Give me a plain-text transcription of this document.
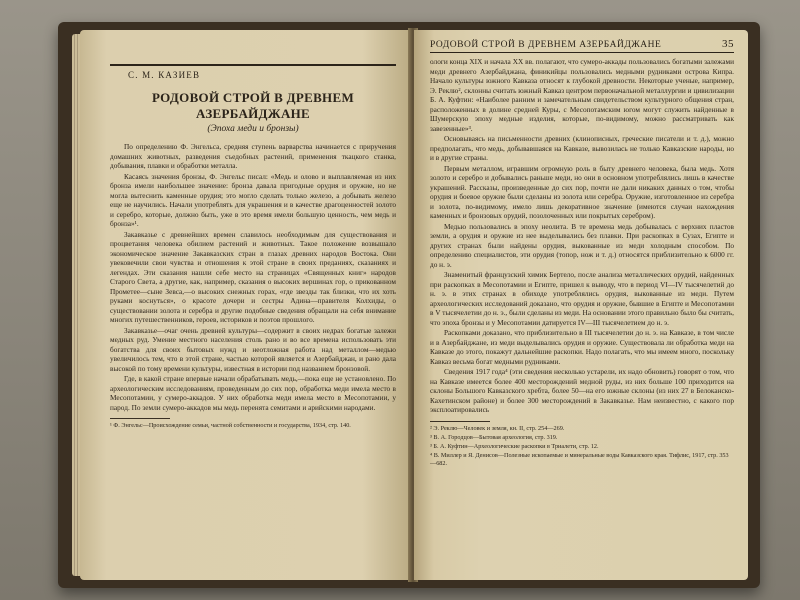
С. М. КАЗИЕВ
РОДОВОЙ СТРОЙ В ДРЕВНЕМ АЗЕРБАЙДЖАНЕ
(Эпоха меди и бронзы)

По определению Ф. Энгельса, средняя ступень варварства начинается с приручения домашних животных, разведения съедобных растений, применения ткацкого станка, добывания, плавки и обработки металла.

Касаясь значения бронзы, Ф. Энгельс писал: «Медь и олово и выплавляемая из них бронза имели наибольшее значение: бронза давала пригодные орудия и оружие, но не могла вытеснить каменные орудия; это могло сделать только железо, а добывать железо еще не научились. Начали употреблять для украшения и в качестве драгоценностей золото и серебро, которые, должно быть, уже в это время имели большую ценность, чем медь и бронза»¹.

Закавказье с древнейших времен славилось необходимым для существования и процветания человека обилием растений и животных. Такое положение возвышало экономическое значение Закавказских стран в глазах древних народов Востока. Они увековечили свои чувства и отношения к этой стране в своих преданиях, сказаниях и легендах. Эти сказания нашли себе место на страницах «Священных книг» народов Старого Света, а другие, как, например, сказания о высоких вершинах гор, о прикованном Прометее—сыне Зевса,—о высоких снежных горах, «где звезды так близки, что их хоть руками коснуться», о красоте дочери и сестры Адина—правителя Колхиды, о существовании золота и серебра и другие подобные сведения обращали на себя внимание многих путешественников, героев, историков и поэтов прошлого.

Закавказье—очаг очень древней культуры—содержит в своих недрах богатые залежи медных руд. Умение местного населения столь рано и во все времена использовать эти богатства для своих бытовых нужд и неотложная работа над металлом—медью увеличилось тем, что в этой стране, частью которой является и Азербайджан, и рано дала высокой по тому времени культуры, известная в истории под названием бронзовой.

Где, в какой стране впервые начали обрабатывать медь,—пока еще не установлено. По археологическим исследованиям, проведенным до сих пор, обработка меди имела место в Месопотамии, у сумеро-аккадов. У них обработка меди имела место в Месопотамии, у парод. По земли сумеро-аккадов мы медь перенята семитами и арийскими народами.

¹ Ф. Энгельс—Происхождение семьи, частной собственности и государства, 1934, стр. 140.

РОДОВОЙ СТРОЙ В ДРЕВНЕМ АЗЕРБАЙДЖАНЕ	35

ологи конца XIX и начала XX вв. полагают, что сумеро-аккады пользовались богатыми залежами меди древнего Азербайджана, финикийцы пользовались медными рудниками острова Кипра. Начало культуры южного Кавказа относят к глубокой древности. Некоторые ученые, например, Э. Реклю², склонны считать южный Кавказ центром первоначальной металлургии и цивилизации Б. А. Куфтин: «Наиболее ранним и замечательным свидетельством культурного общения стран, расположенных в долине средней Куры, с Месопотамским югом могут служить найденные в Шумерскую эпоху медные изделия, которые, по-видимому, можно рассматривать как завезенные»³.

Основываясь на письменности древних (клинописных, греческие писатели и т. д.), можно предполагать, что медь, добывавшаяся на Кавказе, вывозилась не только Кавказские народы, но и в другие страны.

Первым металлом, игравшим огромную роль в быту древнего человека, была медь. Хотя золото и серебро и добывались раньше меди, но они в основном употреблялись лишь в качестве украшений. Рассказы, произведенные до сих пор, почти не дали никаких данных о том, чтобы орудия и боевое оружие были сделаны из золота или серебра. Оружие, изготовленное из серебра и золота, по-видимому, имело лишь декоративное значение (имеются случаи нахождения каменных и бронзовых орудий, позолоченных или покрытых серебром).

Медью пользовались в эпоху неолита. В те времена медь добывалась с верхних пластов земли, а орудия и оружие из нее выделывались без плавки. При раскопках в Сузах, Египте и других странах были найдены орудия, выкованные из меди холодным способом. По определению специалистов, эти орудия (топор, нож и т. д.) относятся приблизительно к 6000 гг. до н. э.

Знаменитый французский химик Бертело, после анализа металлических орудий, найденных при раскопках в Месопотамии и Египте, пришел к выводу, что в период VI—IV тысячелетий до н. э. в этих странах в обиходе употреблялись орудия, выкованные из меди. Путем археологических исследований доказано, что орудия и оружие, бывшие в Египте и Месопотамии в V тысячелетии до н. э., были сделаны из меди. На основании этого правильно было бы считать, что эпоха бронзы и у Месопотамии датируется IV—III тысячелетием до н. э.

Раскопками доказано, что приблизительно в III тысячелетии до н. э. на Кавказе, в том числе и в Азербайджане, из меди выделывались орудия и оружие. Существовала ли обработка меди на Кавказе до этого, покажут дальнейшие раскопки. Надо полагать, что мы имеем много, поскольку Кавказ весьма богат медными рудниками.

Сведения 1917 года⁴ (эти сведения несколько устарели, их надо обновить) говорят о том, что на Кавказе имеется более 400 месторождений медной руды, из них больше 100 приходится на склоны Большого Кавказского хребта, более 50—на его южные склоны (из них 27 в Белоканско-Кахетинском районе) и более 300 месторождений в Закавказье. Нам неизвестно, с какого пор эксплоатировались

² Э. Реклю—Человек и земля, кн. II, стр. 254—269.

³ В. А. Городцов—Бытовая археология, стр. 319.

³ Б. А. Куфтин—Археологические раскопки в Триалети, стр. 12.

⁴ В. Миллер и Я. Денисов—Полезные ископаемые и минеральные воды Кавказского края. Тифлис, 1917, стр. 353—682.
